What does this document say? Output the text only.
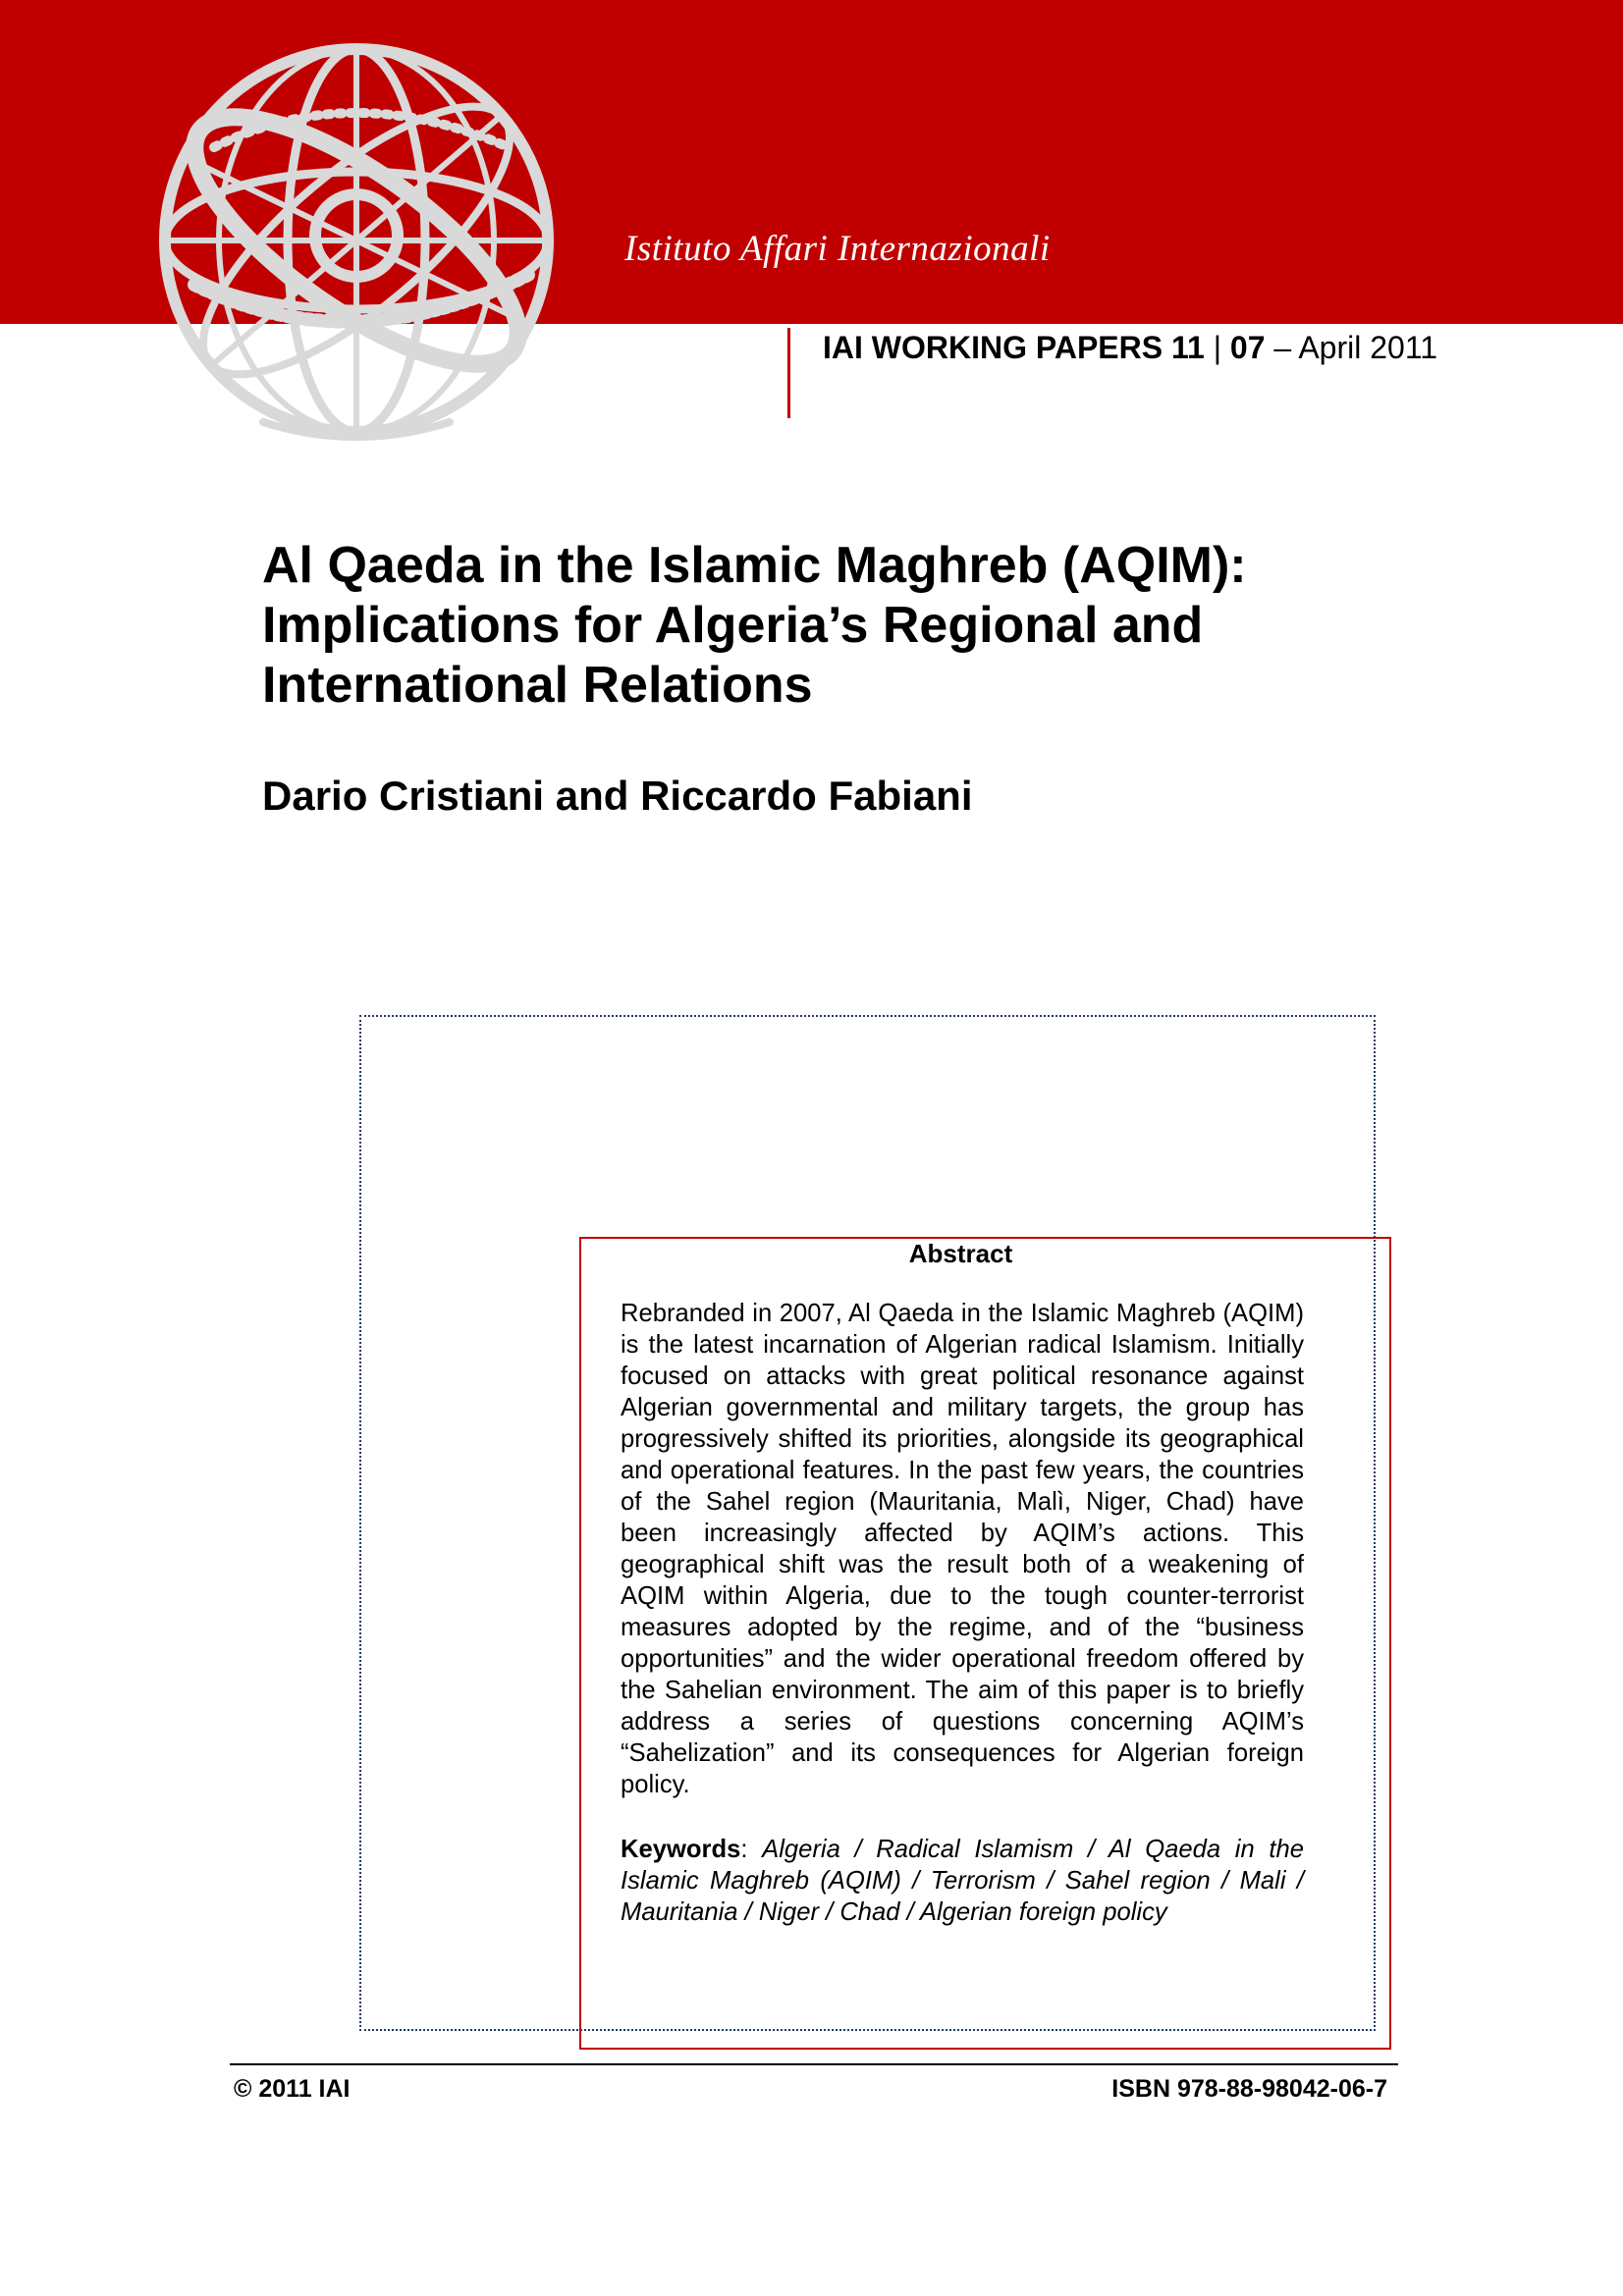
Istituto Affari Internazionali
IAI WORKING PAPERS 11 | 07 – April 2011
Al Qaeda in the Islamic Maghreb (AQIM):
Implications for Algeria’s Regional and
International Relations
Dario Cristiani and Riccardo Fabiani
Abstract

Rebranded in 2007, Al Qaeda in the Islamic Maghreb (AQIM) is the latest incarnation of Algerian radical Islamism. Initially focused on attacks with great political resonance against Algerian governmental and military targets, the group has progressively shifted its priorities, alongside its geographical and operational features. In the past few years, the countries of the Sahel region (Mauritania, Malì, Niger, Chad) have been increasingly affected by AQIM’s actions. This geographical shift was the result both of a weakening of AQIM within Algeria, due to the tough counter-terrorist measures adopted by the regime, and of the “business opportunities” and the wider operational freedom offered by the Sahelian environment. The aim of this paper is to briefly address a series of questions concerning AQIM’s “Sahelization” and its consequences for Algerian foreign policy.

Keywords: Algeria / Radical Islamism / Al Qaeda in the Islamic Maghreb (AQIM) / Terrorism / Sahel region / Mali / Mauritania / Niger / Chad / Algerian foreign policy

© 2011 IAI	ISBN 978-88-98042-06-7
